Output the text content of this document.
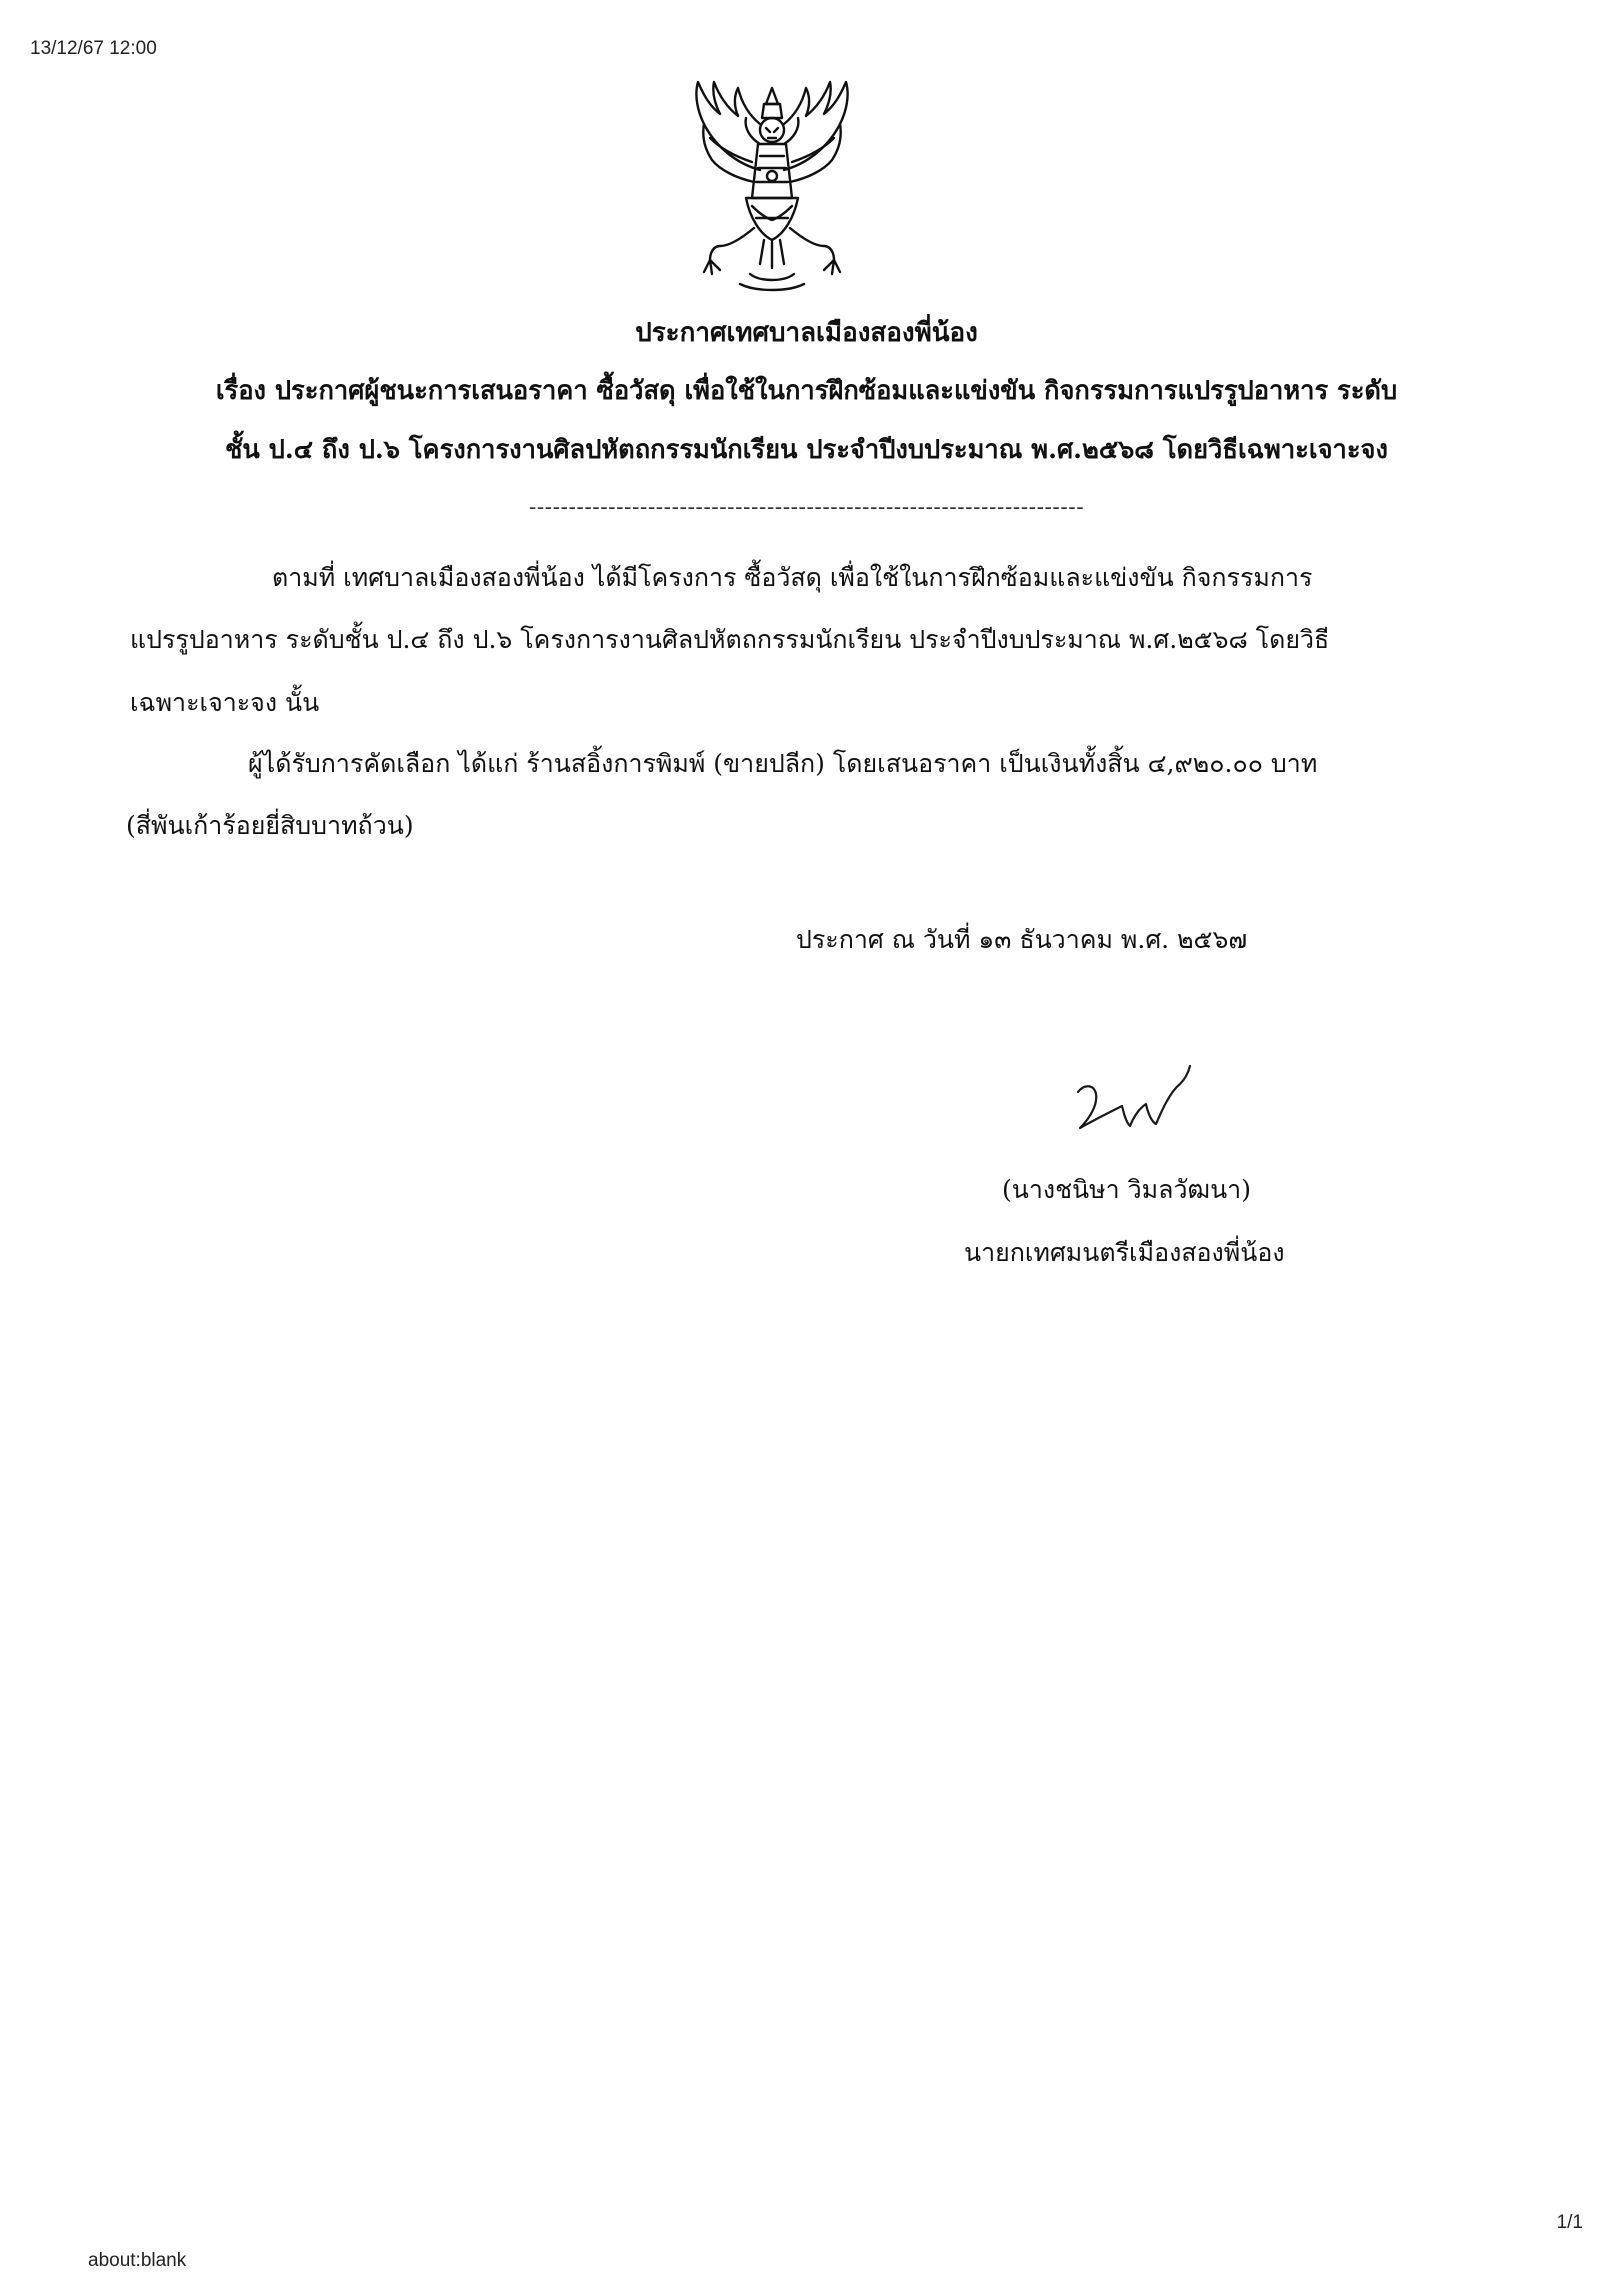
13/12/67 12:00
ประกาศเทศบาลเมืองสองพี่น้อง
เรื่อง ประกาศผู้ชนะการเสนอราคา ซื้อวัสดุ เพื่อใช้ในการฝึกซ้อมและแข่งขัน กิจกรรมการแปรรูปอาหาร ระดับ
ชั้น ป.๔ ถึง ป.๖ โครงการงานศิลปหัตถกรรมนักเรียน ประจำปีงบประมาณ พ.ศ.๒๕๖๘ โดยวิธีเฉพาะเจาะจง
----------------------------------------------------------------------
ตามที่ เทศบาลเมืองสองพี่น้อง ได้มีโครงการ ซื้อวัสดุ เพื่อใช้ในการฝึกซ้อมและแข่งขัน กิจกรรมการ
แปรรูปอาหาร ระดับชั้น ป.๔ ถึง ป.๖ โครงการงานศิลปหัตถกรรมนักเรียน ประจำปีงบประมาณ พ.ศ.๒๕๖๘ โดยวิธี
เฉพาะเจาะจง นั้น
ผู้ได้รับการคัดเลือก ได้แก่ ร้านสอิ้งการพิมพ์ (ขายปลีก) โดยเสนอราคา เป็นเงินทั้งสิ้น ๔,๙๒๐.๐๐ บาท
(สี่พันเก้าร้อยยี่สิบบาทถ้วน)
ประกาศ ณ วันที่ ๑๓ ธันวาคม พ.ศ. ๒๕๖๗
(นางชนิษา วิมลวัฒนา)
นายกเทศมนตรีเมืองสองพี่น้อง
1/1
about:blank
